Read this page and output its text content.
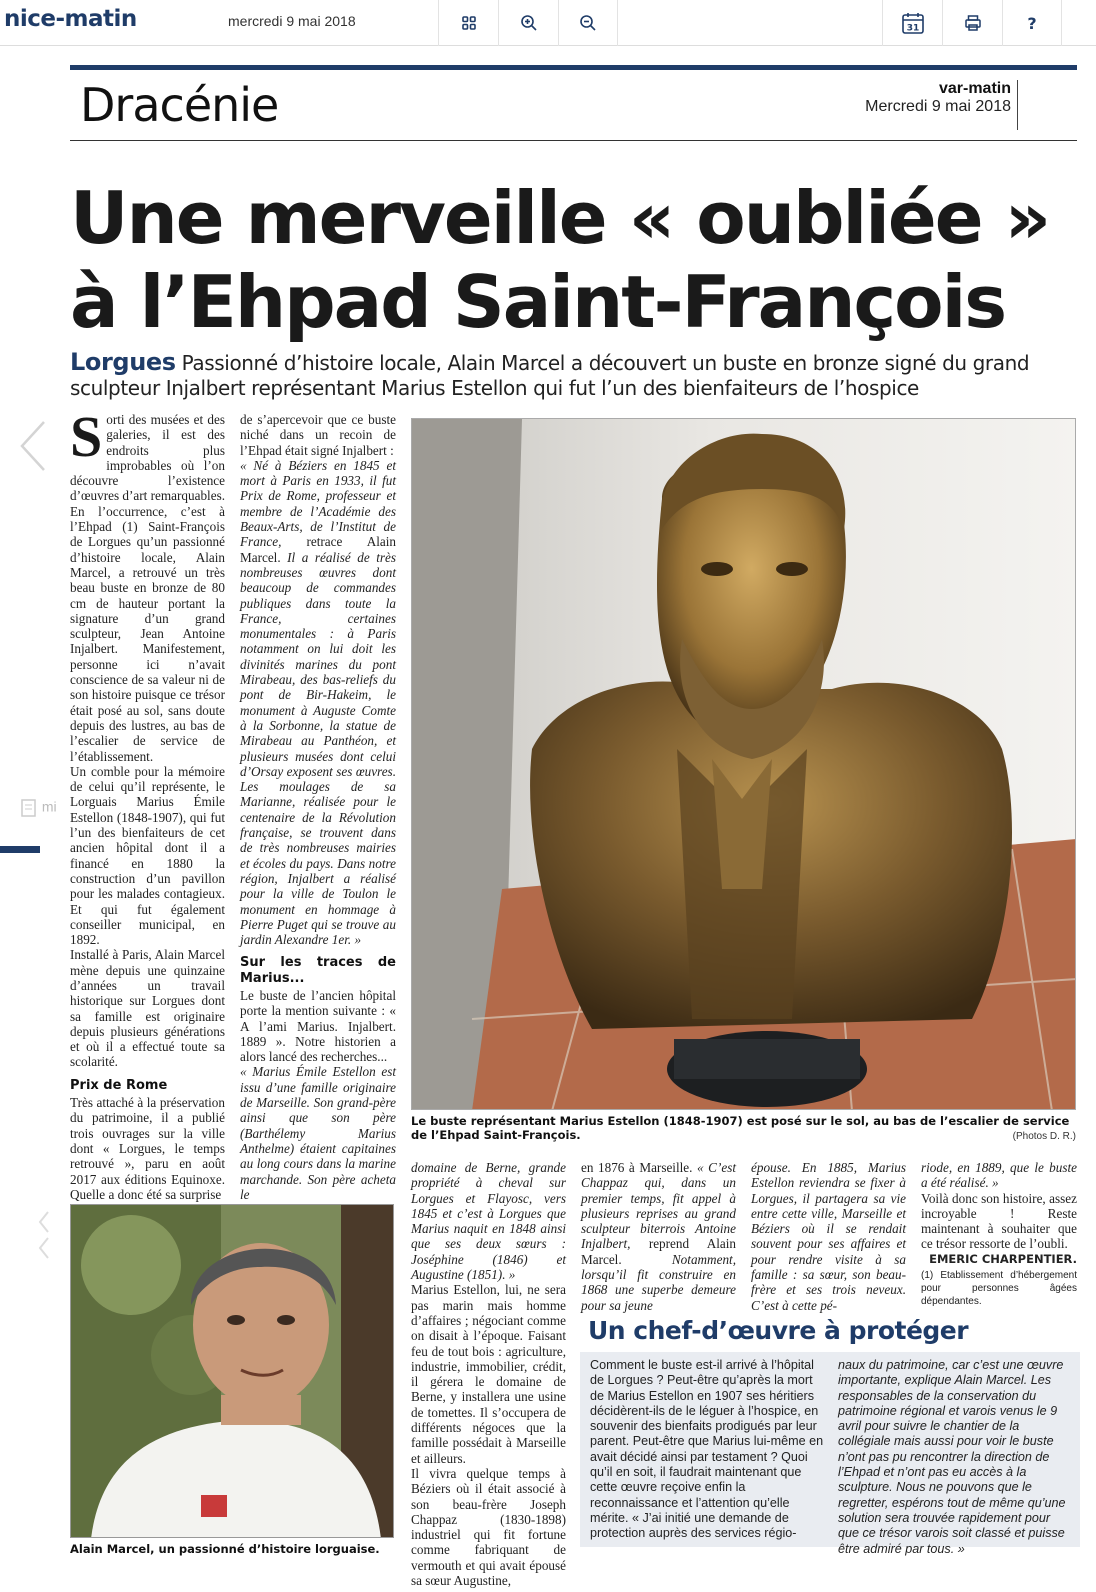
nice-matin	mercredi 9 mai 2018	31	?
mi
Dracénie	var-matin
Mercredi 9 mai 2018
Une merveille « oubliée »
à l’Ehpad Saint-François
Lorgues Passionné d’histoire locale, Alain Marcel a découvert un buste en bronze signé du grand sculpteur Injalbert représentant Marius Estellon qui fut l’un des bienfaiteurs de l’hospice
S orti des musées et des galeries, il est des endroits plus improbables où l’on découvre l’existence d’œuvres d’art remarquables. En l’occurrence, c’est à l’Ehpad (1) Saint-François de Lorgues qu’un passionné d’histoire locale, Alain Marcel, a retrouvé un très beau buste en bronze de 80 cm de hauteur portant la signature d’un grand sculpteur, Jean Antoine Injalbert. Manifestement, personne ici n’avait conscience de sa valeur ni de son histoire puisque ce trésor était posé au sol, sans doute depuis des lustres, au bas de l’escalier de service de l’établissement.

Un comble pour la mémoire de celui qu’il représente, le Lorguais Marius Émile Estellon (1848-1907), qui fut l’un des bienfaiteurs de cet ancien hôpital dont il a financé en 1880 la construction d’un pavillon pour les malades contagieux. Et qui fut également conseiller municipal, en 1892.

Installé à Paris, Alain Marcel mène depuis une quinzaine d’années un travail historique sur Lorgues dont sa famille est originaire depuis plusieurs générations et où il a effectué toute sa scolarité.

Prix de Rome

Très attaché à la préservation du patrimoine, il a publié trois ouvrages sur la ville dont « Lorgues, le temps retrouvé », paru en août 2017 aux éditions Equinoxe. Quelle a donc été sa surprise

de s’apercevoir que ce buste niché dans un recoin de l’Ehpad était signé Injalbert :

« Né à Béziers en 1845 et mort à Paris en 1933, il fut Prix de Rome, professeur et membre de l’Académie des Beaux-Arts, de l’Institut de France, retrace Alain Marcel. Il a réalisé de très nombreuses œuvres dont beaucoup de commandes publiques dans toute la France, certaines monumentales : à Paris notamment on lui doit les divinités marines du pont Mirabeau, des bas-reliefs du pont de Bir-Hakeim, le monument à Auguste Comte à la Sorbonne, la statue de Mirabeau au Panthéon, et plusieurs musées dont celui d’Orsay exposent ses œuvres. Les moulages de sa Marianne, réalisée pour le centenaire de la Révolution française, se trouvent dans de très nombreuses mairies et écoles du pays. Dans notre région, Injalbert a réalisé pour la ville de Toulon le monument en hommage à Pierre Puget qui se trouve au jardin Alexandre 1er. »

Sur les traces de Marius...

Le buste de l’ancien hôpital porte la mention suivante : « A l’ami Marius. Injalbert. 1889 ». Notre historien a alors lancé des recherches...

« Marius Émile Estellon est issu d’une famille originaire de Marseille. Son grand-père ainsi que son père (Barthélemy Marius Anthelme) étaient capitaines au long cours dans la marine marchande. Son père acheta le

Le buste représentant Marius Estellon (1848-1907) est posé sur le sol, au bas de l’escalier de service de l’Ehpad Saint-François.	(Photos D. R.)
Alain Marcel, un passionné d’histoire lorguaise.

domaine de Berne, grande propriété à cheval sur Lorgues et Flayosc, vers 1845 et c’est à Lorgues que Marius naquit en 1848 ainsi que ses deux sœurs : Joséphine (1846) et Augustine (1851). »

Marius Estellon, lui, ne sera pas marin mais homme d’affaires ; négociant comme on disait à l’époque. Faisant feu de tout bois : agriculture, industrie, immobilier, crédit, il gérera le domaine de Berne, y installera une usine de tomettes. Il s’occupera de différents négoces que la famille possédait à Marseille et ailleurs.

Il vivra quelque temps à Béziers où il était associé à son beau-frère Joseph Chappaz (1830-1898) industriel qui fit fortune comme fabriquant de vermouth et qui avait épousé sa sœur Augustine,

en 1876 à Marseille. « C’est Chappaz qui, dans un premier temps, fit appel à plusieurs reprises au grand sculpteur biterrois Antoine Injalbert, reprend Alain Marcel.	Notamment, lorsqu’il fit construire en 1868 une superbe demeure pour sa jeune

épouse. En 1885, Marius Estellon reviendra se fixer à Lorgues, il partagera sa vie entre cette ville, Marseille et Béziers où il se rendait souvent pour ses affaires et pour rendre visite à sa famille : sa sœur, son beau-frère et ses trois neveux. C’est à cette pé-

riode, en 1889, que le buste a été réalisé. »

Voilà donc son histoire, assez incroyable ! Reste maintenant à souhaiter que ce trésor ressorte de l’oubli.

EMERIC CHARPENTIER.
(1) Etablissement d’hébergement pour personnes âgées dépendantes.
Un chef-d’œuvre à protéger
Comment le buste est-il arrivé à l’hôpital de Lorgues ? Peut-être qu’après la mort de Marius Estellon en 1907 ses héritiers décidèrent-ils de le léguer à l’hospice, en souvenir des bienfaits prodigués par leur parent. Peut-être que Marius lui-même en avait décidé ainsi par testament ? Quoi qu’il en soit, il faudrait maintenant que cette œuvre reçoive enfin la reconnaissance et l’attention qu’elle mérite. « J’ai initié une demande de protection auprès des services régio-
naux du patrimoine, car c’est une œuvre importante, explique Alain Marcel. Les responsables de la conservation du patrimoine régional et varois venus le 9 avril pour suivre le chantier de la collégiale mais aussi pour voir le buste n’ont pas pu rencontrer la direction de l’Ehpad et n’ont pas eu accès à la sculpture. Nous ne pouvons que le regretter, espérons tout de même qu’une solution sera trouvée rapidement pour que ce trésor varois soit classé et puisse être admiré par tous. »
